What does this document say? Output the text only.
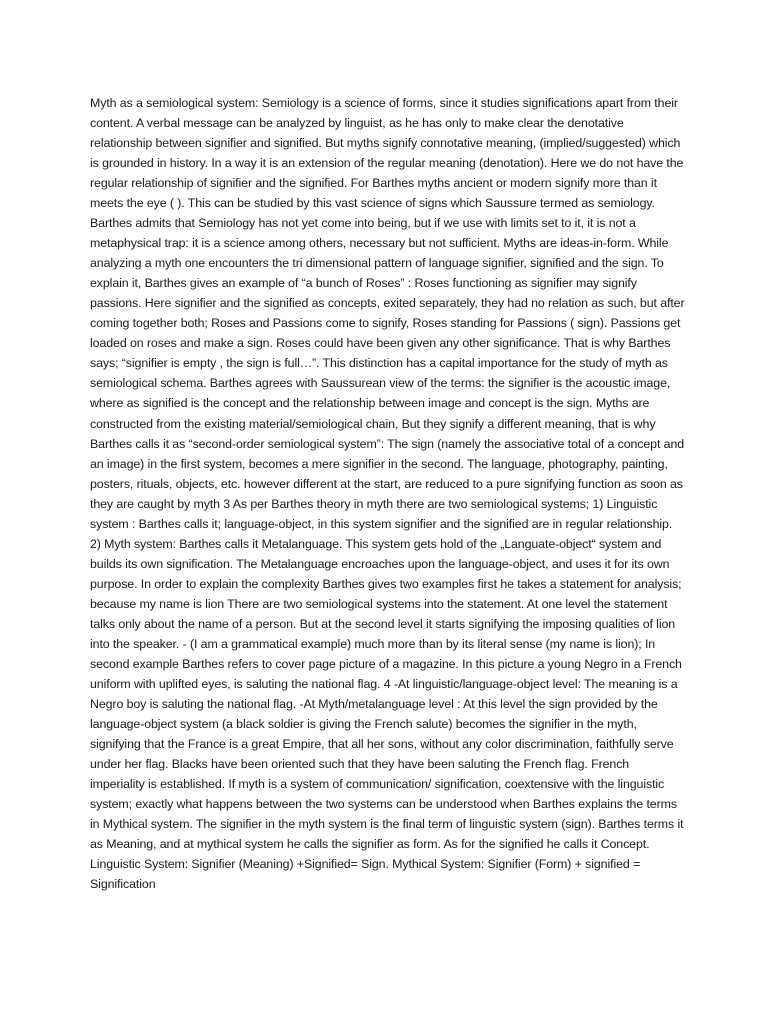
Myth as a semiological system: Semiology is a science of forms, since it studies significations apart from their content. A verbal message can be analyzed by linguist, as he has only to make clear the denotative relationship between signifier and signified. But myths signify connotative meaning, (implied/suggested) which is grounded in history. In a way it is an extension of the regular meaning (denotation). Here we do not have the regular relationship of signifier and the signified. For Barthes myths ancient or modern signify more than it meets the eye ( ). This can be studied by this vast science of signs which Saussure termed as semiology. Barthes admits that Semiology has not yet come into being, but if we use with limits set to it, it is not a metaphysical trap: it is a science among others, necessary but not sufficient. Myths are ideas-in-form. While analyzing a myth one encounters the tri dimensional pattern of language signifier, signified and the sign. To explain it, Barthes gives an example of “a bunch of Roses” : Roses functioning as signifier may signify passions. Here signifier and the signified as concepts, exited separately, they had no relation as such, but after coming together both; Roses and Passions come to signify, Roses standing for Passions ( sign). Passions get loaded on roses and make a sign. Roses could have been given any other significance. That is why Barthes says; “signifier is empty , the sign is full…”. This distinction has a capital importance for the study of myth as semiological schema. Barthes agrees with Saussurean view of the terms: the signifier is the acoustic image, where as signified is the concept and the relationship between image and concept is the sign. Myths are constructed from the existing material/semiological chain, But they signify a different meaning, that is why Barthes calls it as “second-order semiological system”: The sign (namely the associative total of a concept and an image) in the first system, becomes a mere signifier in the second. The language, photography, painting, posters, rituals, objects, etc. however different at the start, are reduced to a pure signifying function as soon as they are caught by myth 3 As per Barthes theory in myth there are two semiological systems; 1) Linguistic system : Barthes calls it; language-object, in this system signifier and the signified are in regular relationship. 2) Myth system: Barthes calls it Metalanguage. This system gets hold of the „Languate-object“ system and builds its own signification. The Metalanguage encroaches upon the language-object, and uses it for its own purpose. In order to explain the complexity Barthes gives two examples first he takes a statement for analysis; because my name is lion There are two semiological systems into the statement. At one level the statement talks only about the name of a person. But at the second level it starts signifying the imposing qualities of lion into the speaker. - (I am a grammatical example) much more than by its literal sense (my name is lion); In second example Barthes refers to cover page picture of a magazine. In this picture a young Negro in a French uniform with uplifted eyes, is saluting the national flag. 4 -At linguistic/language-object level: The meaning is a Negro boy is saluting the national flag. -At Myth/metalanguage level : At this level the sign provided by the language-object system (a black soldier is giving the French salute) becomes the signifier in the myth, signifying that the France is a great Empire, that all her sons, without any color discrimination, faithfully serve under her flag. Blacks have been oriented such that they have been saluting the French flag. French imperiality is established. If myth is a system of communication/ signification, coextensive with the linguistic system; exactly what happens between the two systems can be understood when Barthes explains the terms in Mythical system. The signifier in the myth system is the final term of linguistic system (sign). Barthes terms it as Meaning, and at mythical system he calls the signifier as form. As for the signified he calls it Concept. Linguistic System: Signifier (Meaning) +Signified= Sign. Mythical System: Signifier (Form) + signified = Signification
